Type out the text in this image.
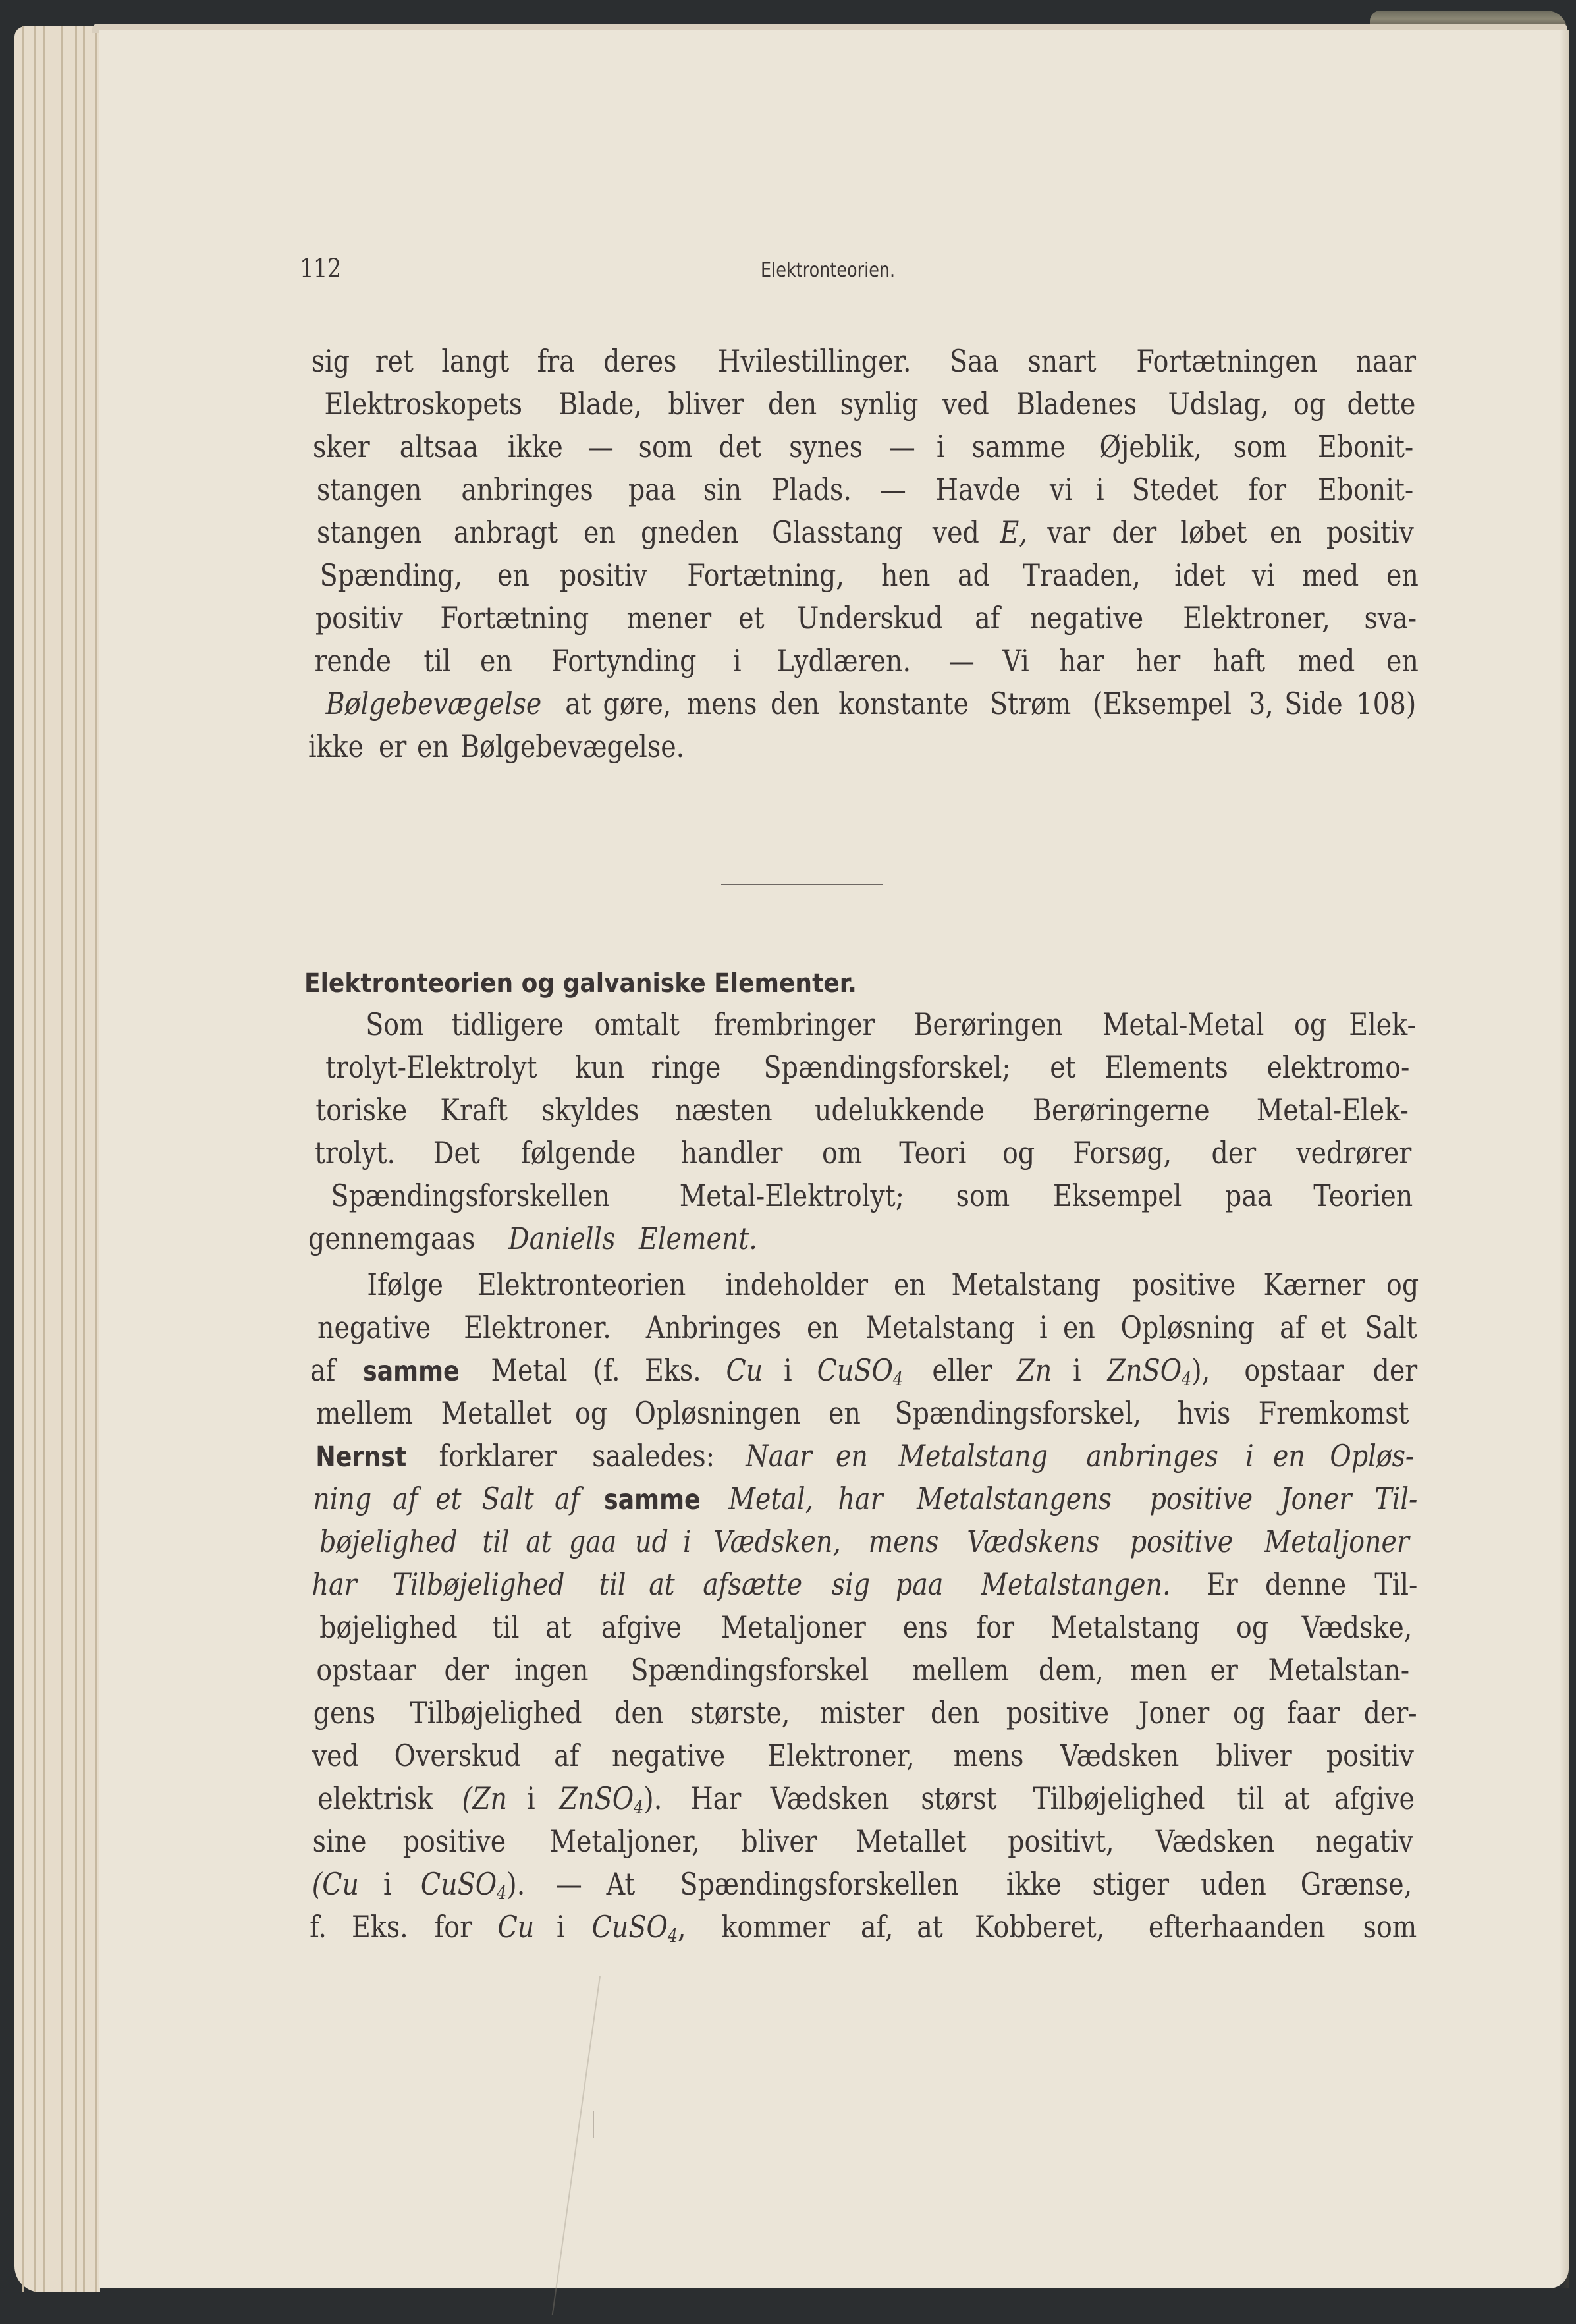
112	Elektronteorien.
sig ret langt fra deres Hvilestillinger. Saa snart Fortætningen naar
Elektroskopets Blade, bliver den synlig ved Bladenes Udslag, og dette
sker altsaa ikke — som det synes — i samme Øjeblik, som Ebonit-
stangen anbringes paa sin Plads. — Havde vi i Stedet for Ebonit-
stangen anbragt en gneden Glasstang ved E, var der løbet en positiv
Spænding, en positiv Fortætning, hen ad Traaden, idet vi med en
positiv Fortætning mener et Underskud af negative Elektroner, sva-
rende til en Fortynding i Lydlæren. — Vi har her haft med en
Bølgebevægelse at gøre, mens den konstante Strøm (Eksempel 3, Side 108)
ikke er en Bølgebevægelse.
Elektronteorien og galvaniske Elementer.
Som tidligere omtalt frembringer Berøringen Metal-Metal og Elek-
trolyt-Elektrolyt kun ringe Spændingsforskel; et Elements elektromo-
toriske Kraft skyldes næsten udelukkende Berøringerne Metal-Elek-
trolyt. Det følgende handler om Teori og Forsøg, der vedrører
Spændingsforskellen Metal-Elektrolyt; som Eksempel paa Teorien
gennemgaas Daniells Element.
Ifølge Elektronteorien indeholder en Metalstang positive Kærner og
negative Elektroner. Anbringes en Metalstang i en Opløsning af et Salt
af samme Metal (f. Eks. Cu i CuSO$_4$ eller Zn i ZnSO$_4$), opstaar der
mellem Metallet og Opløsningen en Spændingsforskel, hvis Fremkomst
Nernst forklarer saaledes: Naar en Metalstang anbringes i en Opløs-
ning af et Salt af samme Metal, har Metalstangens positive Joner Til-
bøjelighed til at gaa ud i Vædsken, mens Vædskens positive Metaljoner
har Tilbøjelighed til at afsætte sig paa Metalstangen. Er denne Til-
bøjelighed til at afgive Metaljoner ens for Metalstang og Vædske,
opstaar der ingen Spændingsforskel mellem dem, men er Metalstan-
gens Tilbøjelighed den største, mister den positive Joner og faar der-
ved Overskud af negative Elektroner, mens Vædsken bliver positiv
elektrisk (Zn i ZnSO$_4$). Har Vædsken størst Tilbøjelighed til at afgive
sine positive Metaljoner, bliver Metallet positivt, Vædsken negativ
(Cu i CuSO$_4$). — At Spændingsforskellen ikke stiger uden Grænse,
f. Eks. for Cu i CuSO$_4$, kommer af, at Kobberet, efterhaanden som
